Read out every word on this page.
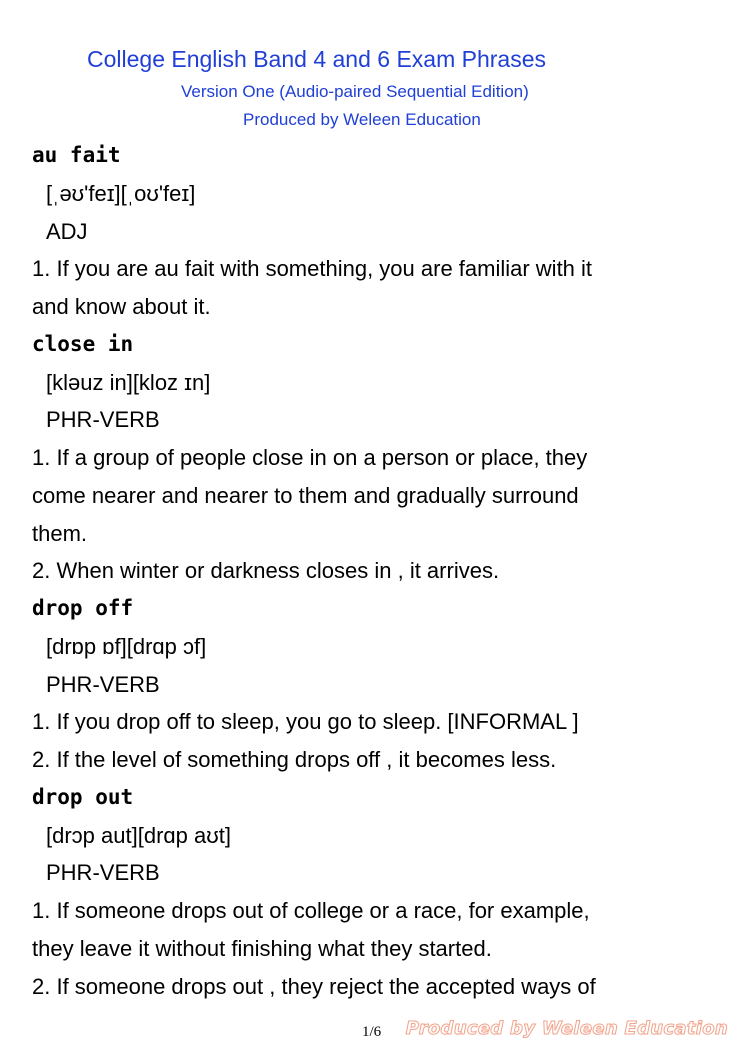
College English Band 4 and 6 Exam Phrases
Version One (Audio-paired Sequential Edition)
Produced by Weleen Education
au fait
[ˌəʊ'feɪ][ˌoʊ'feɪ]
ADJ
1. If you are au fait with something, you are familiar with it
and know about it.
close in
[kləuz in][kloz ɪn]
PHR-VERB
1. If a group of people close in on a person or place, they
come nearer and nearer to them and gradually surround
them.
2. When winter or darkness closes in , it arrives.
drop off
[drɒp ɒf][drɑp ɔf]
PHR-VERB
1. If you drop off to sleep, you go to sleep. [INFORMAL ]
2. If the level of something drops off , it becomes less.
drop out
[drɔp aut][drɑp aʊt]
PHR-VERB
1. If someone drops out of college or a race, for example,
they leave it without finishing what they started.
2. If someone drops out , they reject the accepted ways of
1/6 Produced by Weleen Education
